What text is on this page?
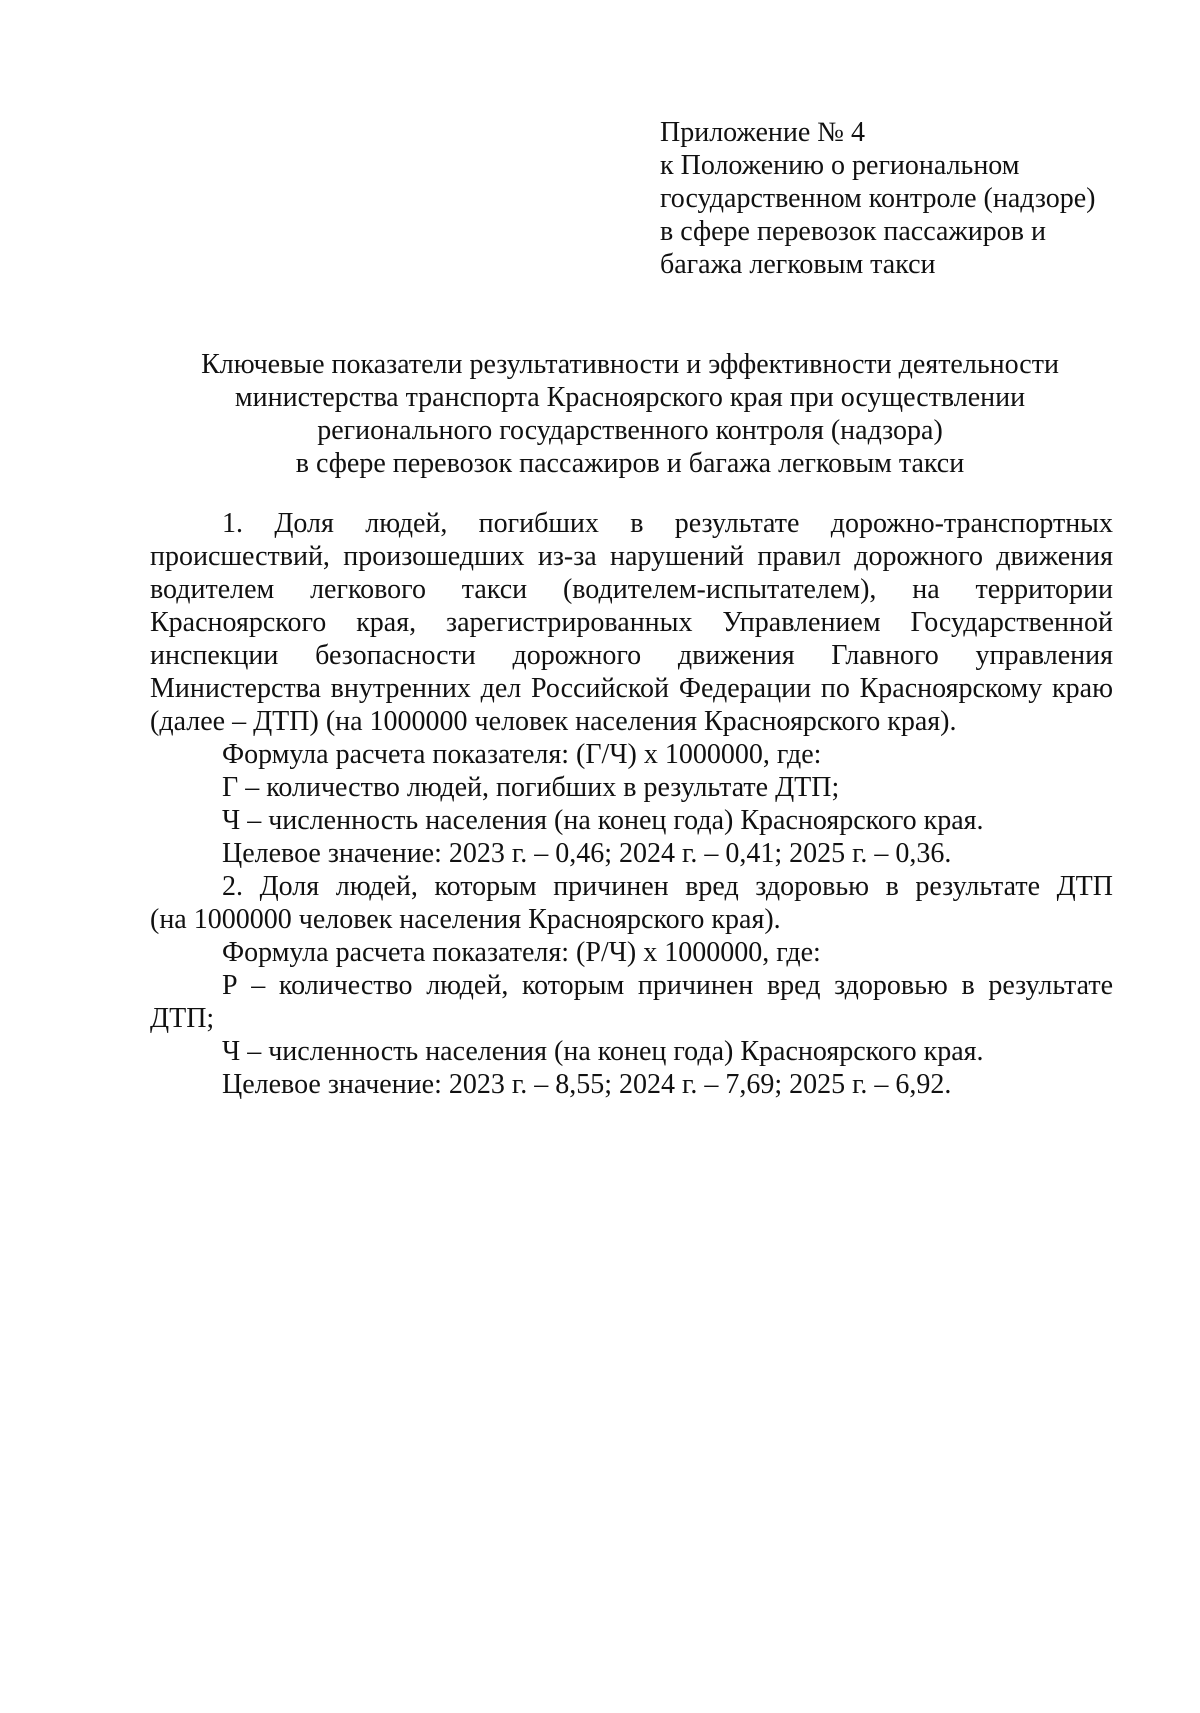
Приложение № 4
к Положению о региональном
государственном контроле (надзоре)
в сфере перевозок пассажиров и
багажа легковым такси
Ключевые показатели результативности и эффективности деятельности
министерства транспорта Красноярского края при осуществлении
регионального государственного контроля (надзора)
в сфере перевозок пассажиров и багажа легковым такси
1. Доля людей, погибших в результате дорожно-транспортных
происшествий, произошедших из-за нарушений правил дорожного движения
водителем легкового такси (водителем-испытателем), на территории
Красноярского края, зарегистрированных Управлением Государственной
инспекции безопасности дорожного движения Главного управления
Министерства внутренних дел Российской Федерации по Красноярскому краю
(далее – ДТП) (на 1000000 человек населения Красноярского края).
Формула расчета показателя: (Г/Ч) х 1000000, где:
Г – количество людей, погибших в результате ДТП;
Ч – численность населения (на конец года) Красноярского края.
Целевое значение: 2023 г. – 0,46; 2024 г. – 0,41; 2025 г. – 0,36.
2. Доля людей, которым причинен вред здоровью в результате ДТП
(на 1000000 человек населения Красноярского края).
Формула расчета показателя: (Р/Ч) х 1000000, где:
Р – количество людей, которым причинен вред здоровью в результате
ДТП;
Ч – численность населения (на конец года) Красноярского края.
Целевое значение: 2023 г. – 8,55; 2024 г. – 7,69; 2025 г. – 6,92.
